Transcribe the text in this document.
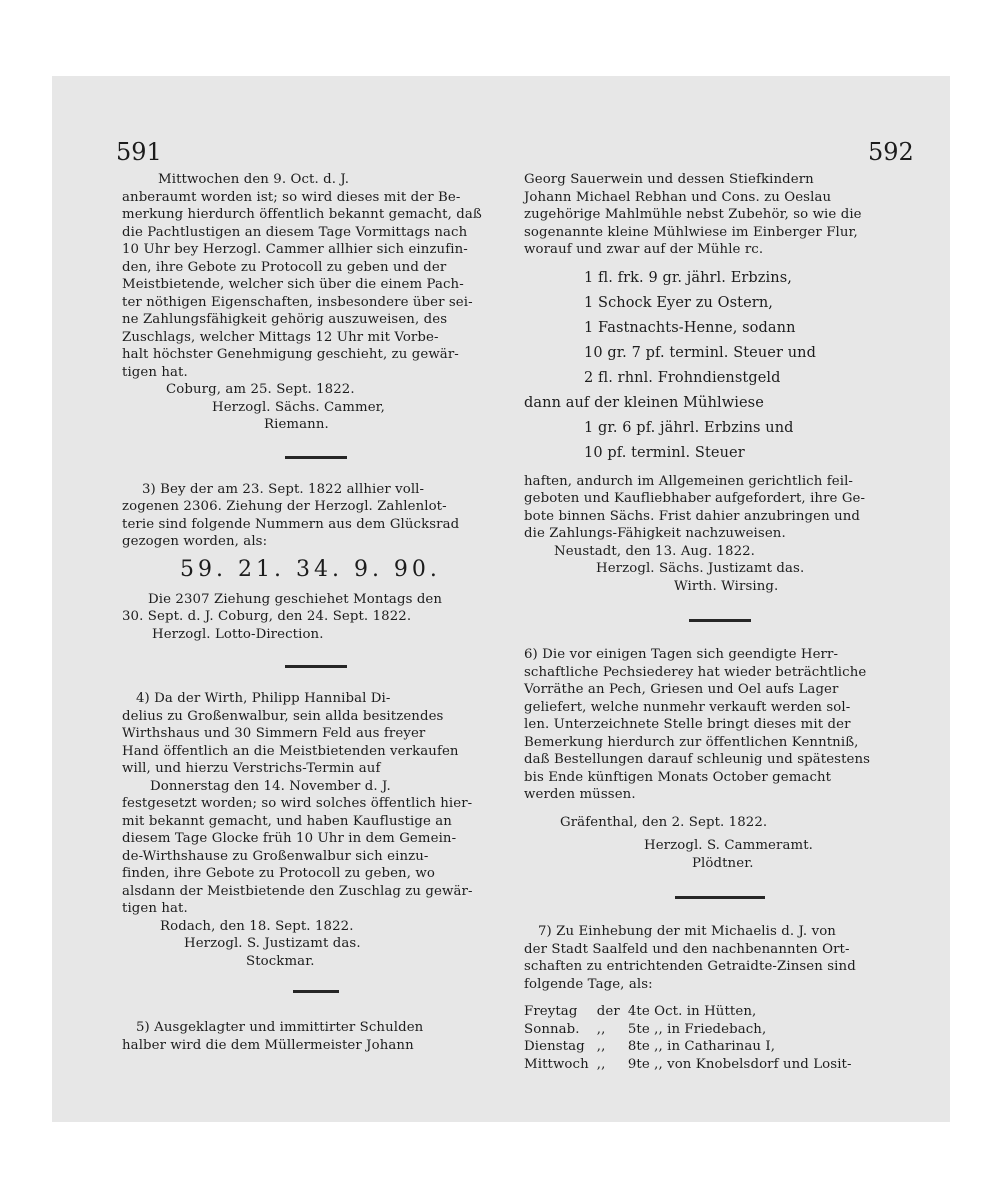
591	592
Mittwochen den 9. Oct. d. J.
anberaumt worden ist; so wird dieses mit der Be-
merkung hierdurch öffentlich bekannt gemacht, daß
die Pachtlustigen an diesem Tage Vormittags nach
10 Uhr bey Herzogl. Cammer allhier sich einzufin-
den, ihre Gebote zu Protocoll zu geben und der
Meistbietende, welcher sich über die einem Pach-
ter nöthigen Eigenschaften, insbesondere über sei-
ne Zahlungsfähigkeit gehörig auszuweisen, des
Zuschlags, welcher Mittags 12 Uhr mit Vorbe-
halt höchster Genehmigung geschieht, zu gewär-
tigen hat.
Coburg, am 25. Sept. 1822.
Herzogl. Sächs. Cammer,
Riemann.
3) Bey der am 23. Sept. 1822 allhier voll-
zogenen 2306. Ziehung der Herzogl. Zahlenlot-
terie sind folgende Nummern aus dem Glücksrad
gezogen worden, als:
59. 21. 34. 9. 90.
Die 2307 Ziehung geschiehet Montags den
30. Sept. d. J. Coburg, den 24. Sept. 1822.
Herzogl. Lotto-Direction.
4) Da der Wirth, Philipp Hannibal Di-
delius zu Großenwalbur, sein allda besitzendes
Wirthshaus und 30 Simmern Feld aus freyer
Hand öffentlich an die Meistbietenden verkaufen
will, und hierzu Verstrichs-Termin auf
Donnerstag den 14. November d. J.
festgesetzt worden; so wird solches öffentlich hier-
mit bekannt gemacht, und haben Kauflustige an
diesem Tage Glocke früh 10 Uhr in dem Gemein-
de-Wirthshause zu Großenwalbur sich einzu-
finden, ihre Gebote zu Protocoll zu geben, wo
alsdann der Meistbietende den Zuschlag zu gewär-
tigen hat.
Rodach, den 18. Sept. 1822.
Herzogl. S. Justizamt das.
Stockmar.
5) Ausgeklagter und immittirter Schulden
halber wird die dem Müllermeister Johann
Georg Sauerwein und dessen Stiefkindern
Johann Michael Rebhan und Cons. zu Oeslau
zugehörige Mahlmühle nebst Zubehör, so wie die
sogenannte kleine Mühlwiese im Einberger Flur,
worauf und zwar auf der Mühle rc.
1 fl. frk. 9 gr. jährl. Erbzins,
1 Schock Eyer zu Ostern,
1 Fastnachts-Henne, sodann
10 gr. 7 pf. terminl. Steuer und
2 fl. rhnl. Frohndienstgeld
dann auf der kleinen Mühlwiese
1 gr. 6 pf. jährl. Erbzins und
10 pf. terminl. Steuer
haften, andurch im Allgemeinen gerichtlich feil-
geboten und Kaufliebhaber aufgefordert, ihre Ge-
bote binnen Sächs. Frist dahier anzubringen und
die Zahlungs-Fähigkeit nachzuweisen.
Neustadt, den 13. Aug. 1822.
Herzogl. Sächs. Justizamt das.
Wirth. Wirsing.
6) Die vor einigen Tagen sich geendigte Herr-
schaftliche Pechsiederey hat wieder beträchtliche
Vorräthe an Pech, Griesen und Oel aufs Lager
geliefert, welche nunmehr verkauft werden sol-
len. Unterzeichnete Stelle bringt dieses mit der
Bemerkung hierdurch zur öffentlichen Kenntniß,
daß Bestellungen darauf schleunig und spätestens
bis Ende künftigen Monats October gemacht
werden müssen.
Gräfenthal, den 2. Sept. 1822.
Herzogl. S. Cammeramt.
Plödtner.
7) Zu Einhebung der mit Michaelis d. J. von
der Stadt Saalfeld und den nachbenannten Ort-
schaften zu entrichtenden Getraidte-Zinsen sind
folgende Tage, als:
Freytag	der	4te Oct. in Hütten,
Sonnab.	,,	5te ,, in Friedebach,
Dienstag	,,	8te ,, in Catharinau I,
Mittwoch	,,	9te ,, von Knobelsdorf und Losit-
